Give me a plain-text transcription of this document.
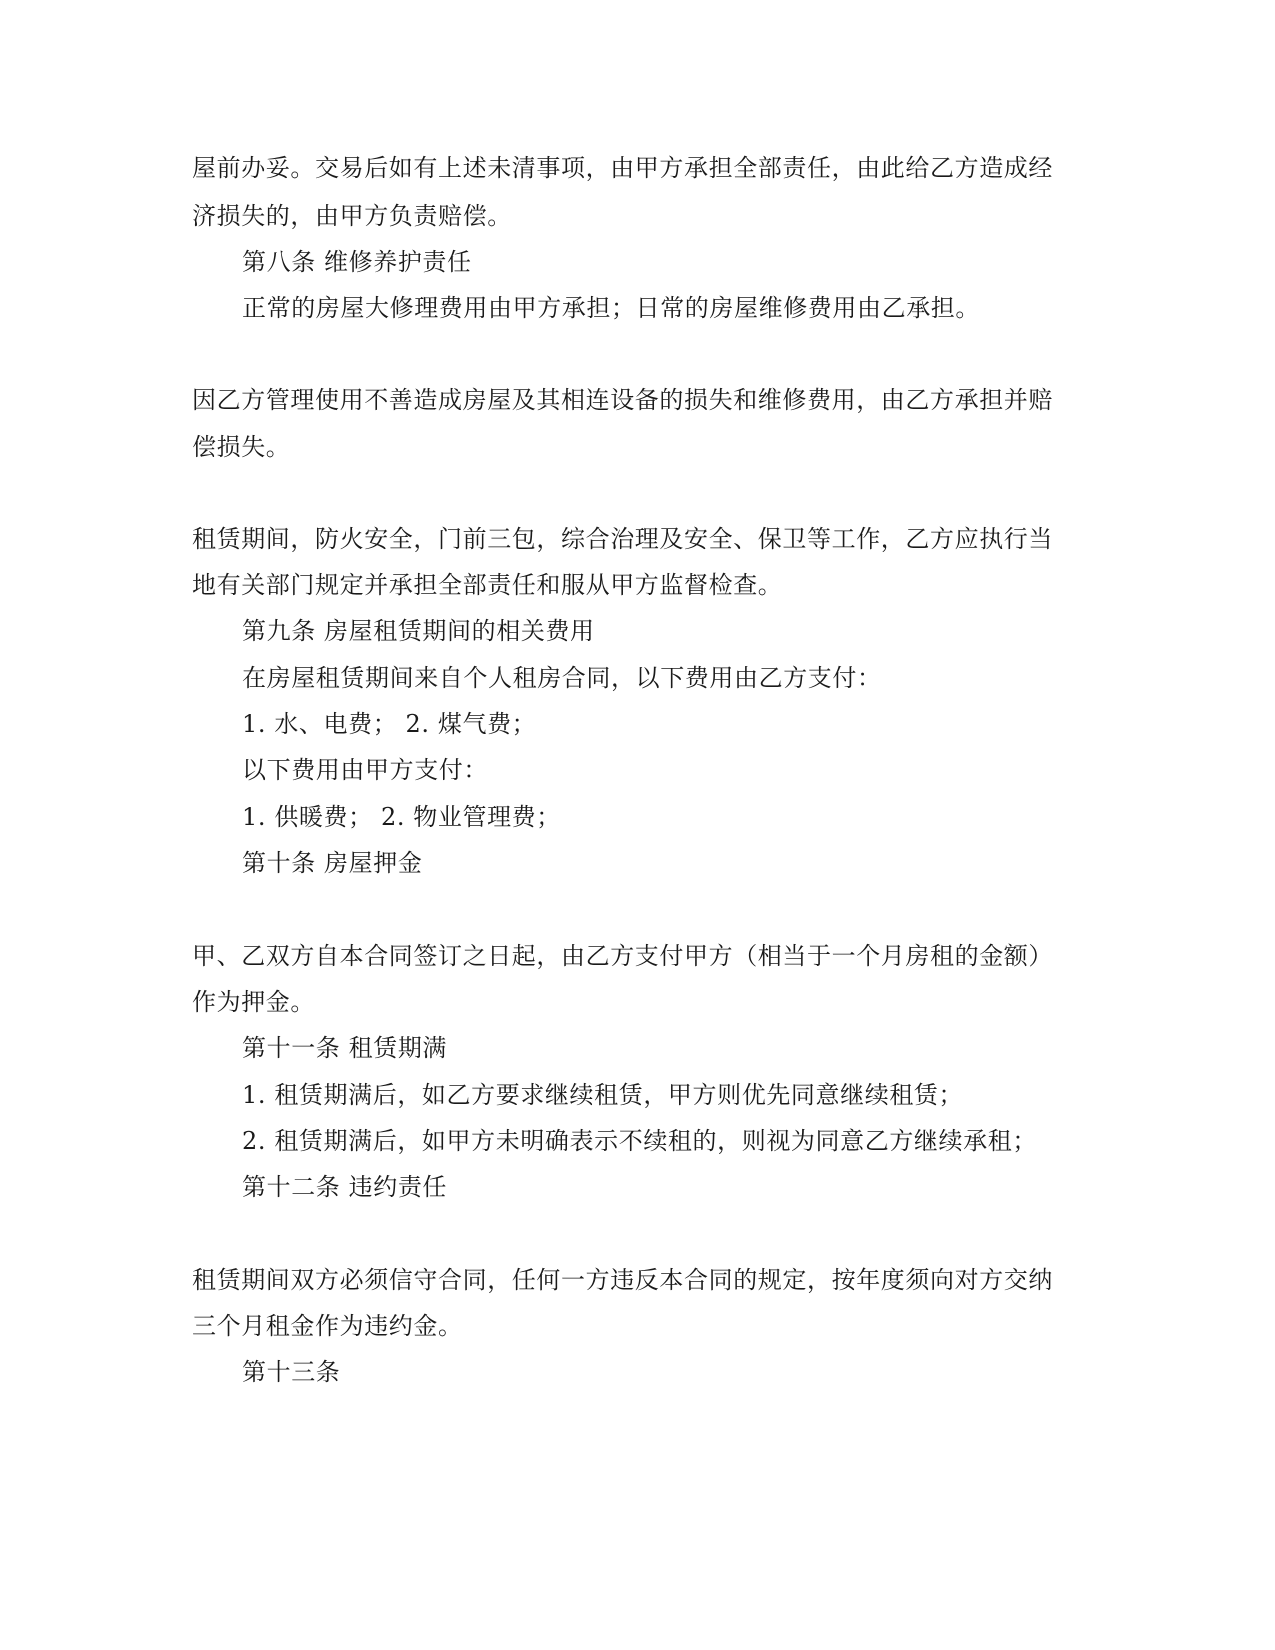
屋前办妥。交易后如有上述未清事项，由甲方承担全部责任，由此给乙方造成经
济损失的，由甲方负责赔偿。
第八条 维修养护责任
正常的房屋大修理费用由甲方承担；日常的房屋维修费用由乙承担。
因乙方管理使用不善造成房屋及其相连设备的损失和维修费用，由乙方承担并赔
偿损失。
租赁期间，防火安全，门前三包，综合治理及安全、保卫等工作，乙方应执行当
地有关部门规定并承担全部责任和服从甲方监督检查。
第九条 房屋租赁期间的相关费用
在房屋租赁期间来自个人租房合同，以下费用由乙方支付：
1. 水、电费； 2. 煤气费；
以下费用由甲方支付：
1. 供暖费； 2. 物业管理费；
第十条 房屋押金
甲、乙双方自本合同签订之日起，由乙方支付甲方（相当于一个月房租的金额）
作为押金。
第十一条 租赁期满
1. 租赁期满后，如乙方要求继续租赁，甲方则优先同意继续租赁；
2. 租赁期满后，如甲方未明确表示不续租的，则视为同意乙方继续承租；
第十二条 违约责任
租赁期间双方必须信守合同，任何一方违反本合同的规定，按年度须向对方交纳
三个月租金作为违约金。
第十三条
